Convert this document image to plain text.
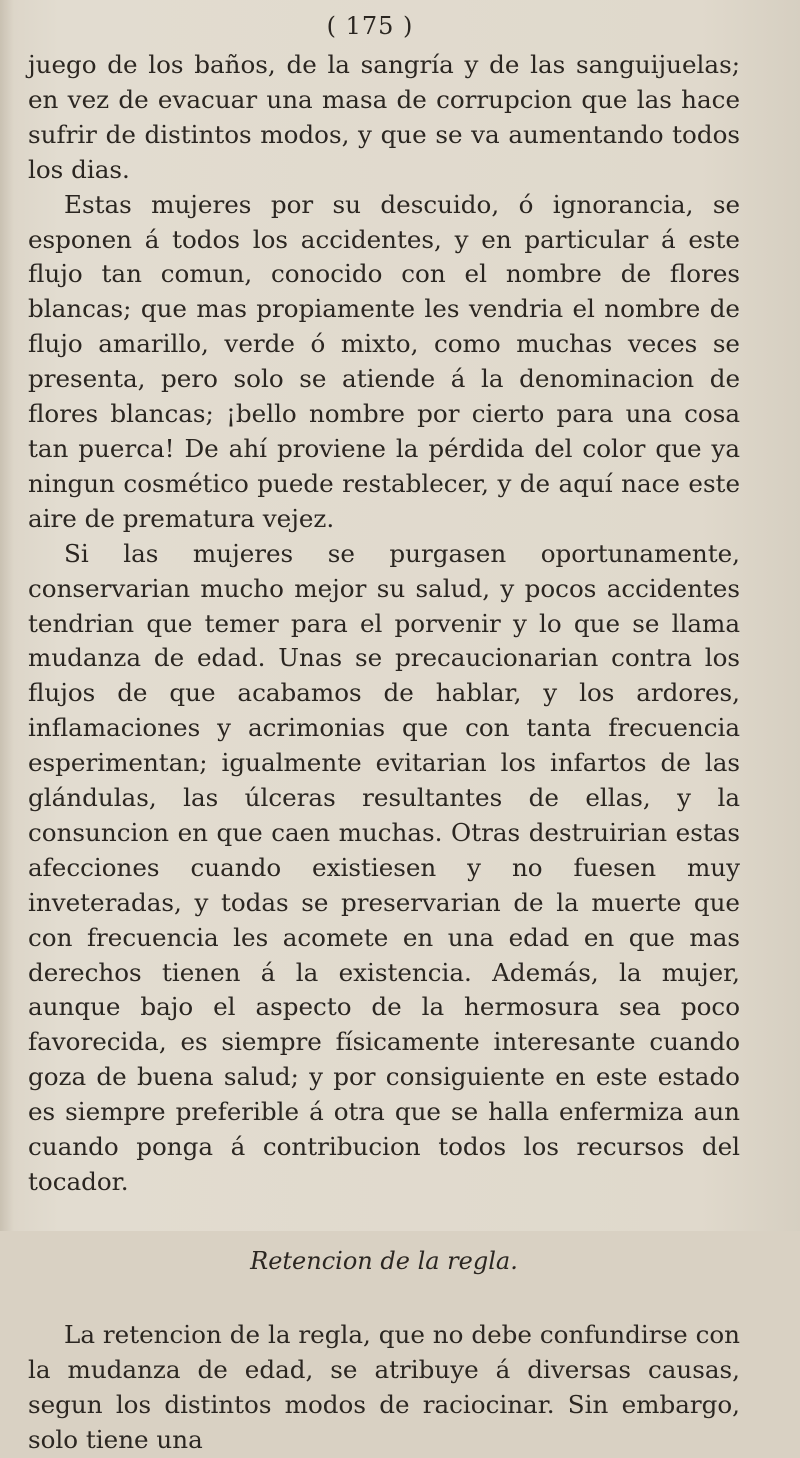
( 175 )

juego de los baños, de la sangría y de las sanguijuelas; en vez de evacuar una masa de corrupcion que las hace sufrir de distintos modos, y que se va aumentando todos los dias.

Estas mujeres por su descuido, ó ignorancia, se esponen á todos los accidentes, y en particular á este flujo tan comun, conocido con el nombre de flores blancas; que mas propiamente les vendria el nombre de flujo amarillo, verde ó mixto, como muchas veces se presenta, pero solo se atiende á la denominacion de flores blancas; ¡bello nombre por cierto para una cosa tan puerca! De ahí proviene la pérdida del color que ya ningun cosmético puede restablecer, y de aquí nace este aire de prematura vejez.

Si las mujeres se purgasen oportunamente, conservarian mucho mejor su salud, y pocos accidentes tendrian que temer para el porvenir y lo que se llama mudanza de edad. Unas se precaucionarian contra los flujos de que acabamos de hablar, y los ardores, inflamaciones y acrimonias que con tanta frecuencia esperimentan; igualmente evitarian los infartos de las glándulas, las úlceras resultantes de ellas, y la consuncion en que caen muchas. Otras destruirian estas afecciones cuando existiesen y no fuesen muy inveteradas, y todas se preservarian de la muerte que con frecuencia les acomete en una edad en que mas derechos tienen á la existencia. Además, la mujer, aunque bajo el aspecto de la hermosura sea poco favorecida, es siempre físicamente interesante cuando goza de buena salud; y por consiguiente en este estado es siempre preferible á otra que se halla enfermiza aun cuando ponga á contribucion todos los recursos del tocador.

Retencion de la regla.

La retencion de la regla, que no debe confundirse con la mudanza de edad, se atribuye á diversas causas, segun los distintos modos de raciocinar. Sin embargo, solo tiene una
